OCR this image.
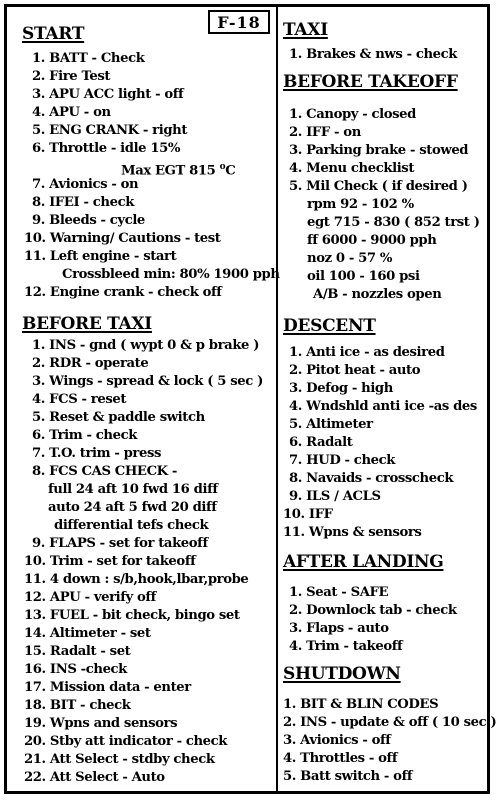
F-18
START
1. BATT - Check
2. Fire Test
3. APU ACC light - off
4. APU - on
5. ENG CRANK - right
6. Throttle - idle 15%
Max EGT 815 $^o$C
7. Avionics - on
8. IFEI - check
9. Bleeds - cycle
10. Warning/ Cautions - test
11. Left engine - start
Crossbleed min: 80% 1900 pph
12. Engine crank - check off
BEFORE TAXI
1. INS - gnd ( wypt 0 & p brake )
2. RDR - operate
3. Wings - spread & lock ( 5 sec )
4. FCS - reset
5. Reset & paddle switch
6. Trim - check
7. T.O. trim - press
8. FCS CAS CHECK -
full 24 aft 10 fwd 16 diff
auto 24 aft 5 fwd 20 diff
differential tefs check
9. FLAPS - set for takeoff
10. Trim - set for takeoff
11. 4 down : s/b,hook,lbar,probe
12. APU - verify off
13. FUEL - bit check, bingo set
14. Altimeter - set
15. Radalt - set
16. INS -check
17. Mission data - enter
18. BIT - check
19. Wpns and sensors
20. Stby att indicator - check
21. Att Select - stdby check
22. Att Select - Auto
TAXI
1. Brakes & nws - check
BEFORE TAKEOFF
1. Canopy - closed
2. IFF - on
3. Parking brake - stowed
4. Menu checklist
5. Mil Check ( if desired )
rpm 92 - 102 %
egt 715 - 830 ( 852 trst )
ff 6000 - 9000 pph
noz 0 - 57 %
oil 100 - 160 psi
A/B - nozzles open
DESCENT
1. Anti ice - as desired
2. Pitot heat - auto
3. Defog - high
4. Wndshld anti ice -as des
5. Altimeter
6. Radalt
7. HUD - check
8. Navaids - crosscheck
9. ILS / ACLS
10. IFF
11. Wpns & sensors
AFTER LANDING
1. Seat - SAFE
2. Downlock tab - check
3. Flaps - auto
4. Trim - takeoff
SHUTDOWN
1. BIT & BLIN CODES
2. INS - update & off ( 10 sec )
3. Avionics - off
4. Throttles - off
5. Batt switch - off
